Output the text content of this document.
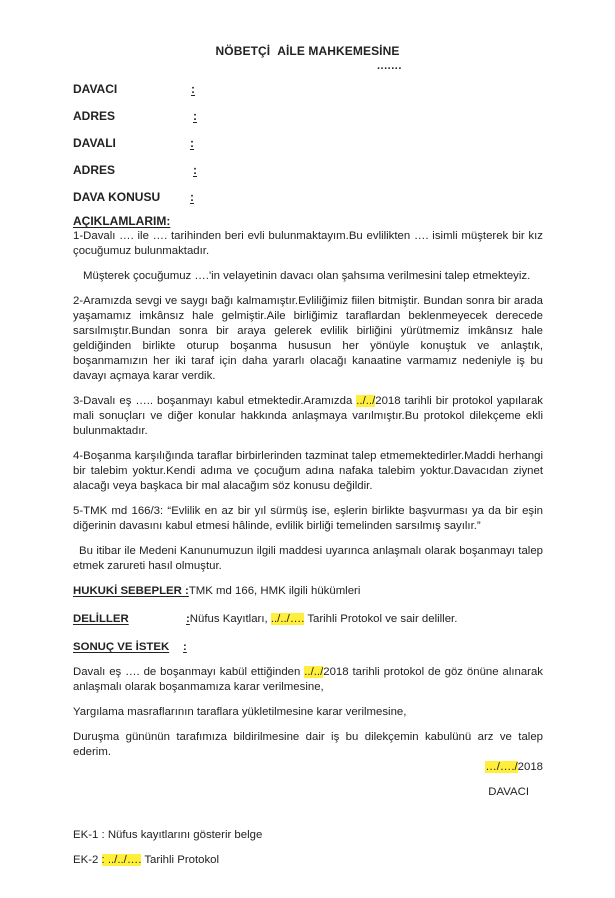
NÖBETÇİ AİLE MAHKEMESİNE
.......
DAVACI	:
ADRES	:
DAVALI	:
ADRES	:
DAVA KONUSU :
AÇIKLAMLARIM:
1-Davalı …. ile …. tarihinden beri evli bulunmaktayım.Bu evlilikten …. isimli müşterek bir kız çocuğumuz bulunmaktadır.
Müşterek çocuğumuz ….'in velayetinin davacı olan şahsıma verilmesini talep etmekteyiz.
2-Aramızda sevgi ve saygı bağı kalmamıştır.Evliliğimiz fiilen bitmiştir. Bundan sonra bir arada yaşamamız imkânsız hale gelmiştir.Aile birliğimiz taraflardan beklenmeyecek derecede sarsılmıştır.Bundan sonra bir araya gelerek evlilik birliğini yürütmemiz imkânsız hale geldiğinden birlikte oturup boşanma hususun her yönüyle konuştuk ve anlaştık, boşanmamızın her iki taraf için daha yararlı olacağı kanaatine varmamız nedeniyle iş bu davayı açmaya karar verdik.
3-Davalı eş ….. boşanmayı kabul etmektedir.Aramızda ../../2018 tarihli bir protokol yapılarak mali sonuçları ve diğer konular hakkında anlaşmaya varılmıştır.Bu protokol dilekçeme ekli bulunmaktadır.
4-Boşanma karşılığında taraflar birbirlerinden tazminat talep etmemektedirler.Maddi herhangi bir talebim yoktur.Kendi adıma ve çocuğum adına nafaka talebim yoktur.Davacıdan ziynet alacağı veya başkaca bir mal alacağım söz konusu değildir.
5-TMK md 166/3: “Evlilik en az bir yıl sürmüş ise, eşlerin birlikte başvurması ya da bir eşin diğerinin davasını kabul etmesi hâlinde, evlilik birliği temelinden sarsılmış sayılır.”
Bu itibar ile Medeni Kanunumuzun ilgili maddesi uyarınca anlaşmalı olarak boşanmayı talep etmek zarureti hasıl olmuştur.
HUKUKİ SEBEPLER :TMK md 166, HMK ilgili hükümleri
DELİLLER	:Nüfus Kayıtları, ../../…. Tarihli Protokol ve sair deliller.
SONUÇ VE İSTEK :
Davalı eş …. de boşanmayı kabül ettiğinden ../../2018 tarihli protokol de göz önüne alınarak anlaşmalı olarak boşanmamıza karar verilmesine,
Yargılama masraflarının taraflara yükletilmesine karar verilmesine,
Duruşma gününün tarafımıza bildirilmesine dair iş bu dilekçemin kabulünü arz ve talep ederim.
…/…./2018
DAVACI
EK-1 : Nüfus kayıtlarını gösterir belge
EK-2 : ../../…. Tarihli Protokol
